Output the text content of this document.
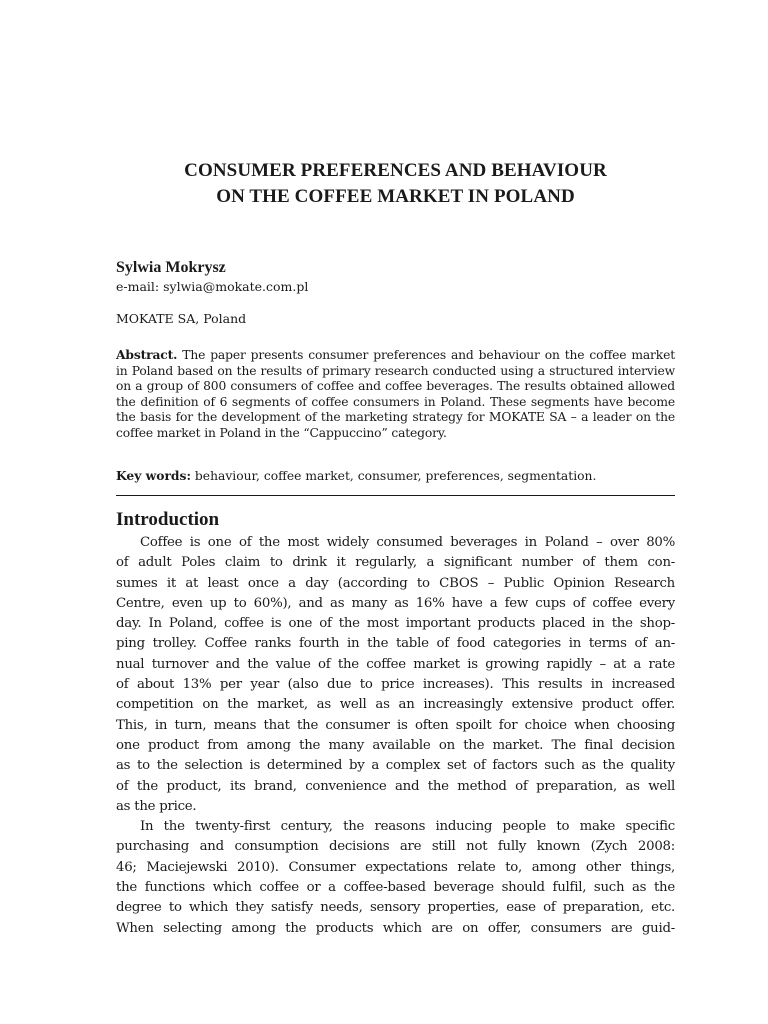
CONSUMER PREFERENCES AND BEHAVIOUR
ON THE COFFEE MARKET IN POLAND
Sylwia Mokrysz
e-mail: sylwia@mokate.com.pl
MOKATE SA, Poland
Abstract. The paper presents consumer preferences and behaviour on the coffee market in Poland based on the results of primary research conducted using a structured interview on a group of 800 consumers of coffee and coffee beverages. The results obtained allowed the definition of 6 segments of coffee consumers in Poland. These segments have become the basis for the development of the marketing strategy for MOKATE SA – a leader on the coffee market in Poland in the “Cappuccino” category.
Key words: behaviour, coffee market, consumer, preferences, segmentation.
Introduction
Coffee is one of the most widely consumed beverages in Poland – over 80%
of adult Poles claim to drink it regularly, a significant number of them con-
sumes it at least once a day (according to CBOS – Public Opinion Research
Centre, even up to 60%), and as many as 16% have a few cups of coffee every
day. In Poland, coffee is one of the most important products placed in the shop-
ping trolley. Coffee ranks fourth in the table of food categories in terms of an-
nual turnover and the value of the coffee market is growing rapidly – at a rate
of about 13% per year (also due to price increases). This results in increased
competition on the market, as well as an increasingly extensive product offer.
This, in turn, means that the consumer is often spoilt for choice when choosing
one product from among the many available on the market. The final decision
as to the selection is determined by a complex set of factors such as the quality
of the product, its brand, convenience and the method of preparation, as well
as the price.
In the twenty-first century, the reasons inducing people to make specific
purchasing and consumption decisions are still not fully known (Zych 2008:
46; Maciejewski 2010). Consumer expectations relate to, among other things,
the functions which coffee or a coffee-based beverage should fulfil, such as the
degree to which they satisfy needs, sensory properties, ease of preparation, etc.
When selecting among the products which are on offer, consumers are guid-
